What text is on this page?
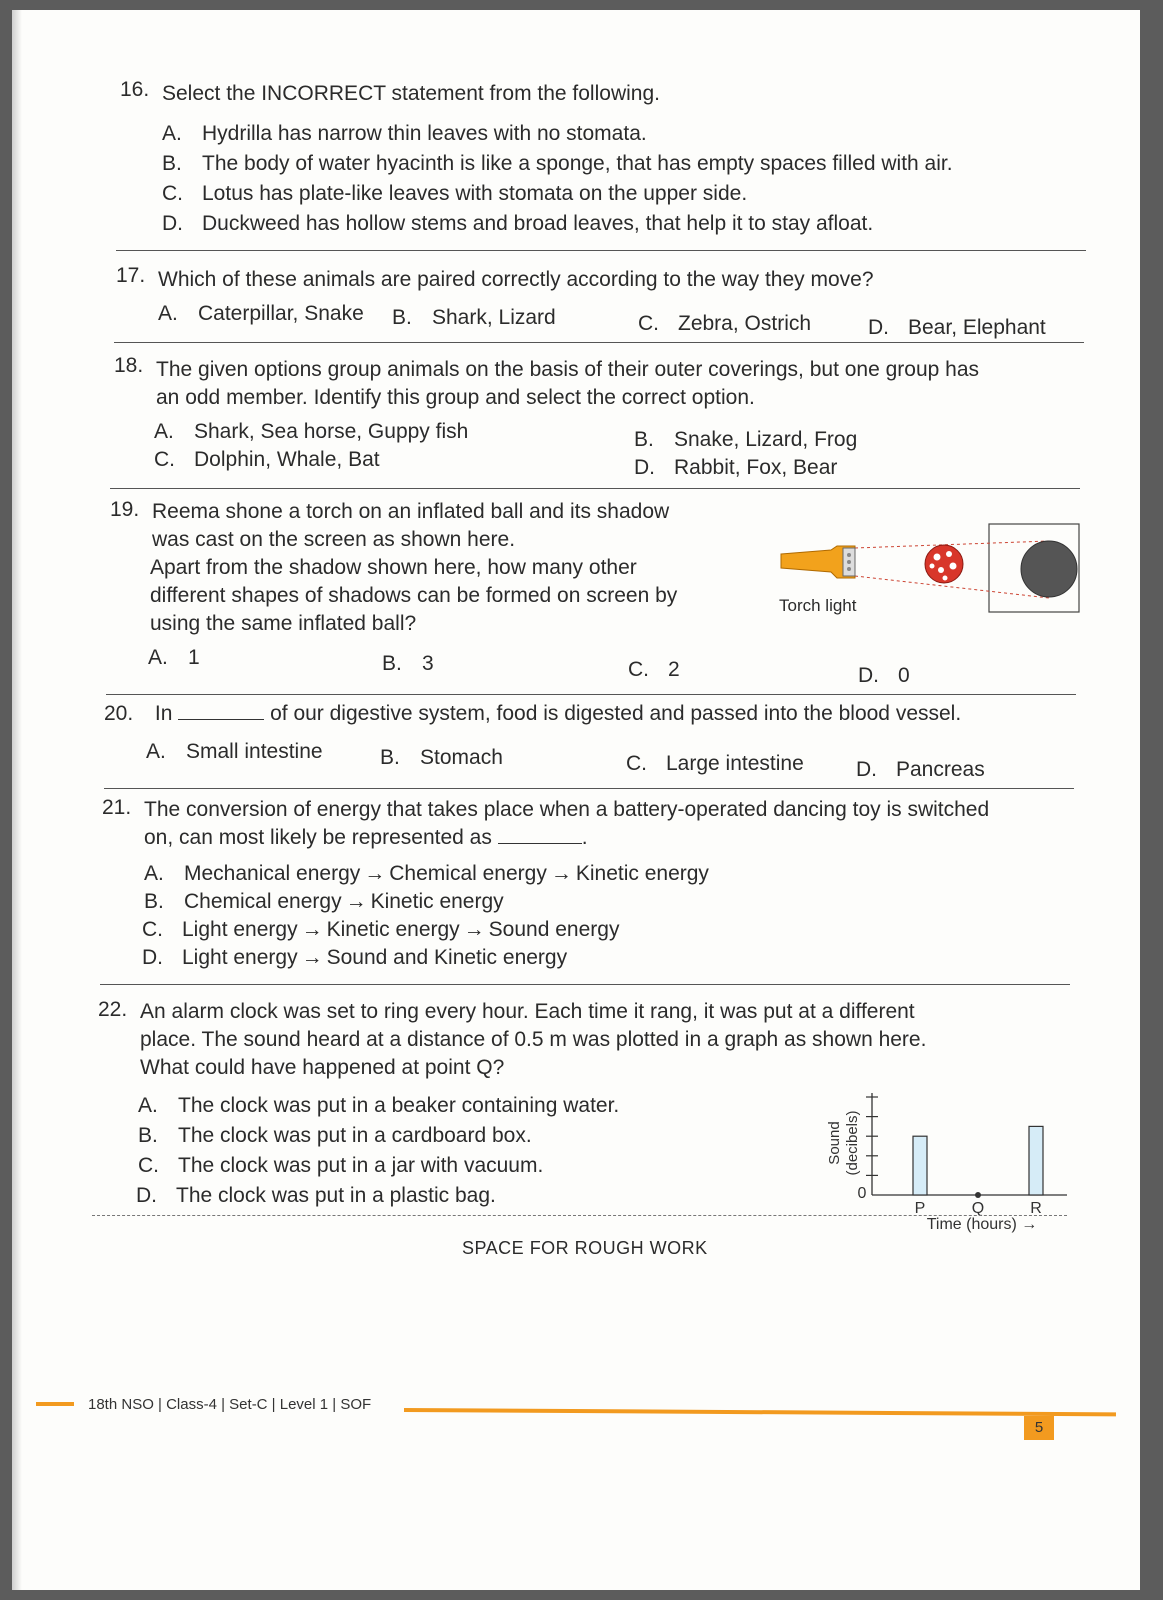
16. Select the INCORRECT statement from the following.
A. Hydrilla has narrow thin leaves with no stomata.
B. The body of water hyacinth is like a sponge, that has empty spaces filled with air.
C. Lotus has plate-like leaves with stomata on the upper side.
D. Duckweed has hollow stems and broad leaves, that help it to stay afloat.
17. Which of these animals are paired correctly according to the way they move?
A. Caterpillar, Snake B. Shark, Lizard	C. Zebra, Ostrich	D. Bear, Elephant
18. The given options group animals on the basis of their outer coverings, but one group has
an odd member. Identify this group and select the correct option.
A. Shark, Sea horse, Guppy fish	B. Snake, Lizard, Frog
C. Dolphin, Whale, Bat	D. Rabbit, Fox, Bear
19. Reema shone a torch on an inflated ball and its shadow
was cast on the screen as shown here.
Apart from the shadow shown here, how many other
different shapes of shadows can be formed on screen by
using the same inflated ball?
Torch light
A. 1	B. 3	C. 2	D. 0
20. In	of our digestive system, food is digested and passed into the blood vessel.
A. Small intestine	B. Stomach	C. Large intestine D. Pancreas
21. The conversion of energy that takes place when a battery-operated dancing toy is switched
on, can most likely be represented as	.
A. Mechanical energy → Chemical energy → Kinetic energy
B. Chemical energy → Kinetic energy
C. Light energy → Kinetic energy → Sound energy
D. Light energy → Sound and Kinetic energy
22. An alarm clock was set to ring every hour. Each time it rang, it was put at a different
place. The sound heard at a distance of 0.5 m was plotted in a graph as shown here.
What could have happened at point Q?
A. The clock was put in a beaker containing water.
B. The clock was put in a cardboard box.
C. The clock was put in a jar with vacuum.
D. The clock was put in a plastic bag.
P	Q	R
0
Sound (decibels)
Time (hours) →
SPACE FOR ROUGH WORK
18th NSO | Class-4 | Set-C | Level 1 | SOF
5
